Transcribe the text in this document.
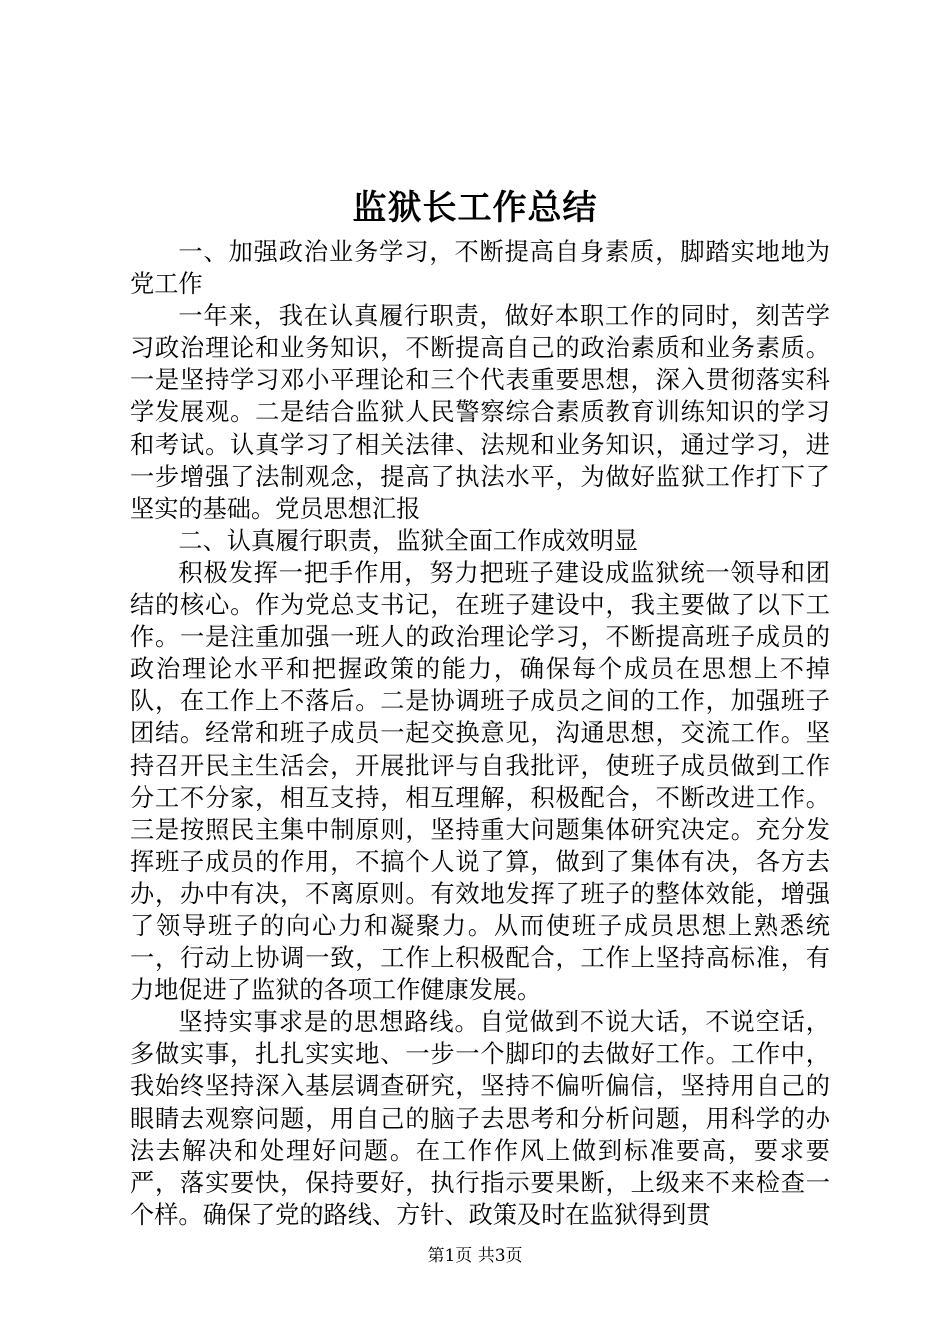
监狱长工作总结

一、加强政治业务学习，不断提高自身素质，脚踏实地地为党工作

一年来，我在认真履行职责，做好本职工作的同时，刻苦学习政治理论和业务知识，不断提高自己的政治素质和业务素质。一是坚持学习邓小平理论和三个代表重要思想，深入贯彻落实科学发展观。二是结合监狱人民警察综合素质教育训练知识的学习和考试。认真学习了相关法律、法规和业务知识，通过学习，进一步增强了法制观念，提高了执法水平，为做好监狱工作打下了坚实的基础。党员思想汇报

二、认真履行职责，监狱全面工作成效明显

积极发挥一把手作用，努力把班子建设成监狱统一领导和团结的核心。作为党总支书记，在班子建设中，我主要做了以下工作。一是注重加强一班人的政治理论学习，不断提高班子成员的政治理论水平和把握政策的能力，确保每个成员在思想上不掉队，在工作上不落后。二是协调班子成员之间的工作，加强班子团结。经常和班子成员一起交换意见，沟通思想，交流工作。坚持召开民主生活会，开展批评与自我批评，使班子成员做到工作分工不分家，相互支持，相互理解，积极配合，不断改进工作。三是按照民主集中制原则，坚持重大问题集体研究决定。充分发挥班子成员的作用，不搞个人说了算，做到了集体有决，各方去办，办中有决，不离原则。有效地发挥了班子的整体效能，增强了领导班子的向心力和凝聚力。从而使班子成员思想上熟悉统一，行动上协调一致，工作上积极配合，工作上坚持高标准，有力地促进了监狱的各项工作健康发展。

坚持实事求是的思想路线。自觉做到不说大话，不说空话，多做实事，扎扎实实地、一步一个脚印的去做好工作。工作中，我始终坚持深入基层调查研究，坚持不偏听偏信，坚持用自己的眼睛去观察问题，用自己的脑子去思考和分析问题，用科学的办法去解决和处理好问题。在工作作风上做到标准要高，要求要严，落实要快，保持要好，执行指示要果断，上级来不来检查一个样。确保了党的路线、方针、政策及时在监狱得到贯

第1页 共3页
